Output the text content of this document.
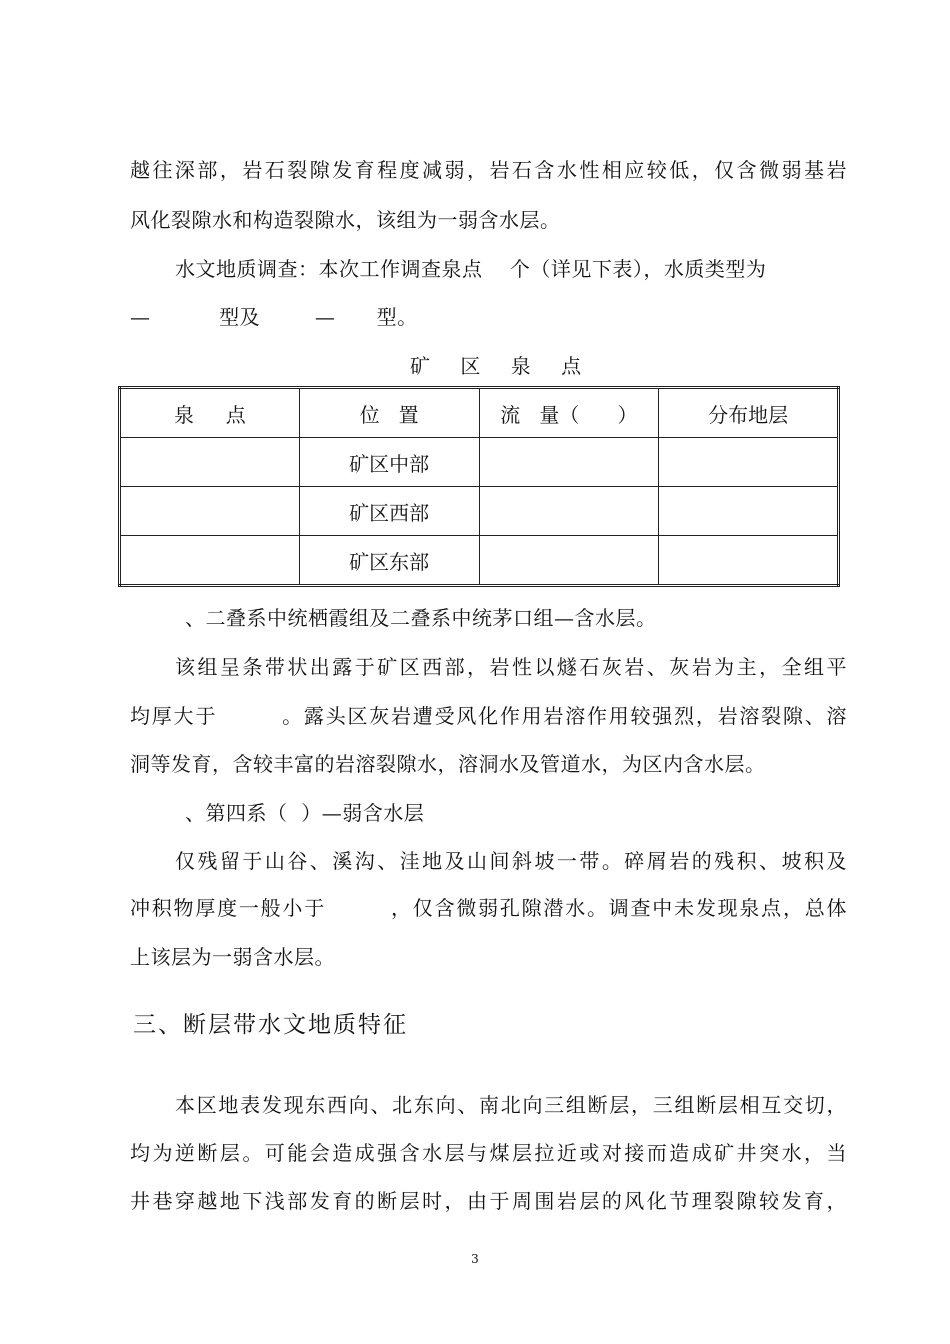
越往深部，岩石裂隙发育程度减弱，岩石含水性相应较低，仅含微弱基岩
风化裂隙水和构造裂隙水，该组为一弱含水层。
水文地质调查：本次工作调查泉点    个（详见下表），水质类型为
—          型及        —      型。
矿 区 泉 点
泉     点	位   置	流   量（      ）	分布地层
	矿区中部		
	矿区西部		
	矿区东部		
、二叠系中统栖霞组及二叠系中统茅口组—含水层。
该组呈条带状出露于矿区西部，岩性以燧石灰岩、灰岩为主，全组平
均厚大于        。露头区灰岩遭受风化作用岩溶作用较强烈，岩溶裂隙、溶
洞等发育，含较丰富的岩溶裂隙水，溶洞水及管道水，为区内含水层。
、第四系（  ）—弱含水层
仅残留于山谷、溪沟、洼地及山间斜坡一带。碎屑岩的残积、坡积及
冲积物厚度一般小于        ，仅含微弱孔隙潜水。调查中未发现泉点，总体
上该层为一弱含水层。
三、断层带水文地质特征
本区地表发现东西向、北东向、南北向三组断层，三组断层相互交切，
均为逆断层。可能会造成强含水层与煤层拉近或对接而造成矿井突水，当
井巷穿越地下浅部发育的断层时，由于周围岩层的风化节理裂隙较发育，
3
